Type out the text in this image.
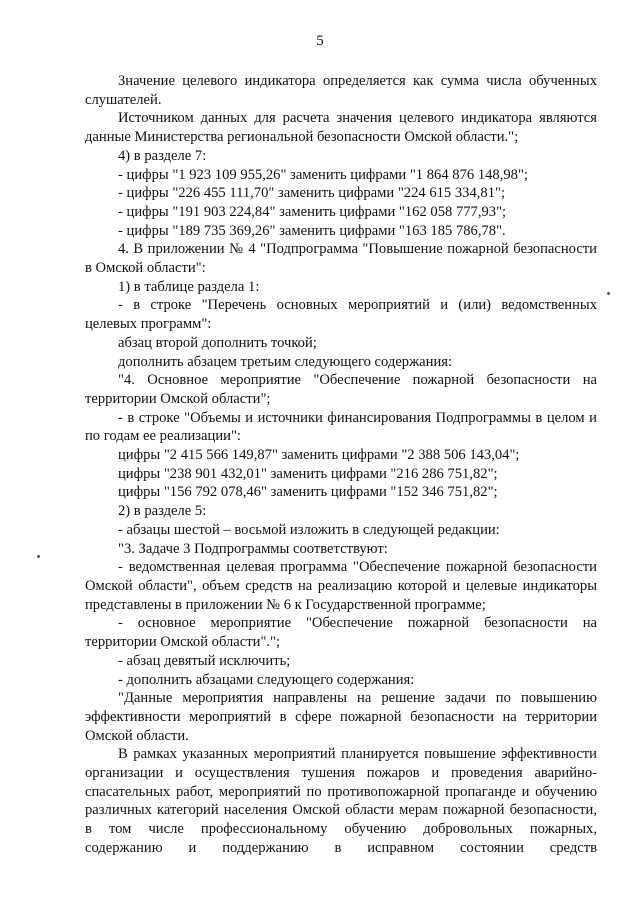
5

Значение целевого индикатора определяется как сумма числа обученных слушателей.

Источником данных для расчета значения целевого индикатора являются данные Министерства региональной безопасности Омской области.";

4) в разделе 7:

- цифры "1 923 109 955,26" заменить цифрами "1 864 876 148,98";

- цифры "226 455 111,70" заменить цифрами "224 615 334,81";

- цифры "191 903 224,84" заменить цифрами "162 058 777,93";

- цифры "189 735 369,26" заменить цифрами "163 185 786,78".

4. В приложении № 4 "Подпрограмма "Повышение пожарной безопасности в Омской области":

1) в таблице раздела 1:

- в строке "Перечень основных мероприятий и (или) ведомственных целевых программ":

абзац второй дополнить точкой;

дополнить абзацем третьим следующего содержания:

"4. Основное мероприятие "Обеспечение пожарной безопасности на территории Омской области";

- в строке "Объемы и источники финансирования Подпрограммы в целом и по годам ее реализации":

цифры "2 415 566 149,87" заменить цифрами "2 388 506 143,04";

цифры "238 901 432,01" заменить цифрами "216 286 751,82";

цифры "156 792 078,46" заменить цифрами "152 346 751,82";

2) в разделе 5:

- абзацы шестой – восьмой изложить в следующей редакции:

"3. Задаче 3 Подпрограммы соответствуют:

- ведомственная целевая программа "Обеспечение пожарной безопасности Омской области", объем средств на реализацию которой и целевые индикаторы представлены в приложении № 6 к Государственной программе;

- основное мероприятие "Обеспечение пожарной безопасности на территории Омской области".";

- абзац девятый исключить;

- дополнить абзацами следующего содержания:

"Данные мероприятия направлены на решение задачи по повышению эффективности мероприятий в сфере пожарной безопасности на территории Омской области.

В рамках указанных мероприятий планируется повышение эффективности организации и осуществления тушения пожаров и проведения аварийно-спасательных работ, мероприятий по противопожарной пропаганде и обучению различных категорий населения Омской области мерам пожарной безопасности, в том числе профессиональному обучению добровольных пожарных, содержанию и поддержанию в исправном состоянии средств
